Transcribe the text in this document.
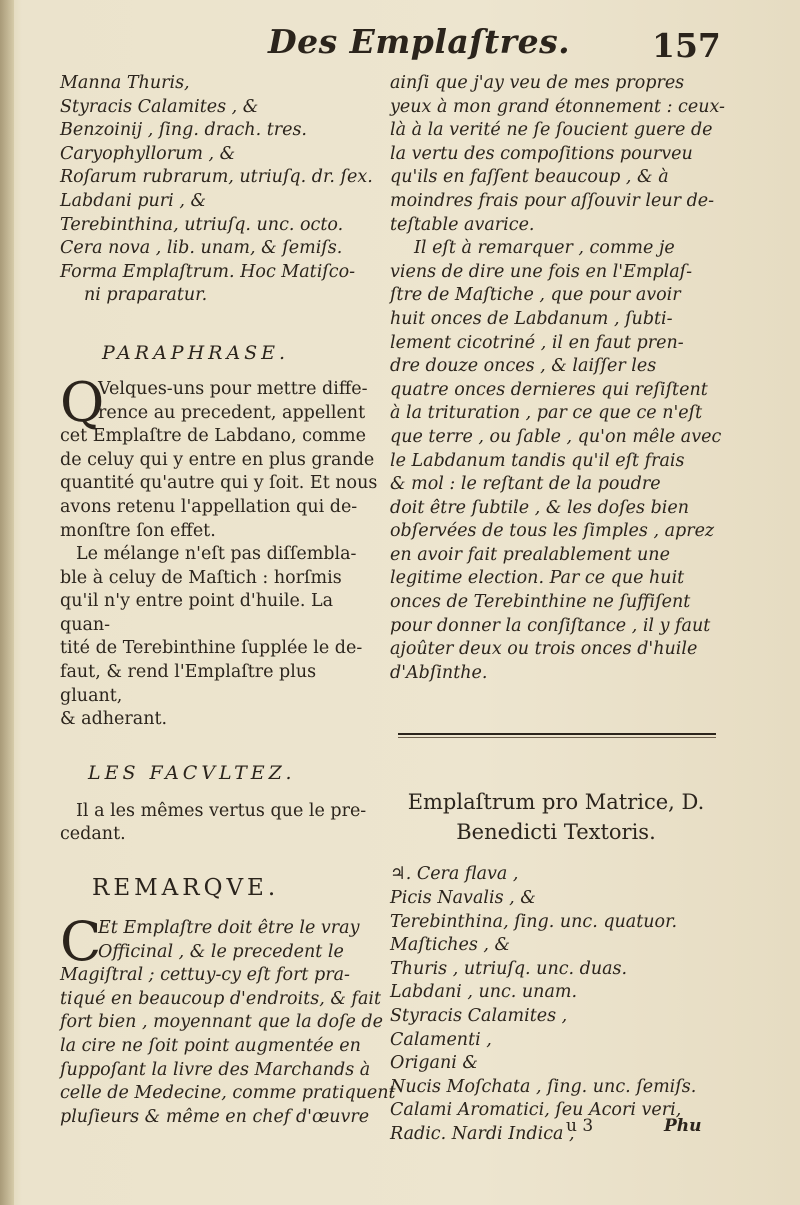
Des Emplaſtres. 157
Manna Thuris,
Styracis Calamites , &
Benzoinij , ſing. drach. tres.
Caryophyllorum , &
Roſarum rubrarum, utriuſq. dr. ſex.
Labdani puri , &
Terebinthina, utriuſq. unc. octo.
Cera nova , lib. unam, & ſemiſs.
Forma Emplaſtrum. Hoc Matiſco-
ni praparatur.
PARAPHRASE.
Q
Velques-uns pour mettre diffe-
rence au precedent, appellent
cet Emplaſtre de Labdano, comme
de celuy qui y entre en plus grande
quantité qu'autre qui y ſoit. Et nous
avons retenu l'appellation qui de-
monſtre ſon effet.
Le mélange n'eſt pas diſſembla-
ble à celuy de Maſtich : horſmis
qu'il n'y entre point d'huile. La quan-
tité de Terebinthine ſupplée le de-
faut, & rend l'Emplaſtre plus gluant,
& adherant.
LES FACVLTEZ.
Il a les mêmes vertus que le pre-
cedant.
REMARQVE.
C
Et Emplaſtre doit être le vray
Officinal , & le precedent le
Magiſtral ; cettuy-cy eſt fort pra-
tiqué en beaucoup d'endroits, & fait
fort bien , moyennant que la doſe de
la cire ne ſoit point augmentée en
ſuppoſant la livre des Marchands à
celle de Medecine, comme pratiquent
pluſieurs & même en chef d'œuvre
ainſi que j'ay veu de mes propres
yeux à mon grand étonnement : ceux-
là à la verité ne ſe ſoucient guere de
la vertu des compoſitions pourveu
qu'ils en faſſent beaucoup , & à
moindres frais pour aſſouvir leur de-
teſtable avarice.
Il eſt à remarquer , comme je
viens de dire une fois en l'Emplaſ-
ſtre de Maſtiche , que pour avoir
huit onces de Labdanum , ſubti-
lement cicotriné , il en faut pren-
dre douze onces , & laiſſer les
quatre onces dernieres qui reſiſtent
à la trituration , par ce que ce n'eſt
que terre , ou ſable , qu'on mêle avec
le Labdanum tandis qu'il eſt frais
& mol : le reſtant de la poudre
doit être ſubtile , & les doſes bien
obſervées de tous les ſimples , aprez
en avoir fait prealablement une
legitime election. Par ce que huit
onces de Terebinthine ne ſuffiſent
pour donner la conſiſtance , il y faut
ajoûter deux ou trois onces d'huile
d'Abſinthe.
Emplaſtrum pro Matrice, D.
Benedicti Textoris.
♃. Cera flava ,
Picis Navalis , &
Terebinthina, ſing. unc. quatuor.
Maſtiches , &
Thuris , utriuſq. unc. duas.
Labdani , unc. unam.
Styracis Calamites ,
Calamenti ,
Origani &
Nucis Moſchata , ſing. unc. ſemiſs.
Calami Aromatici, ſeu Acori veri,
Radic. Nardi Indica ,
u 3	Phu
